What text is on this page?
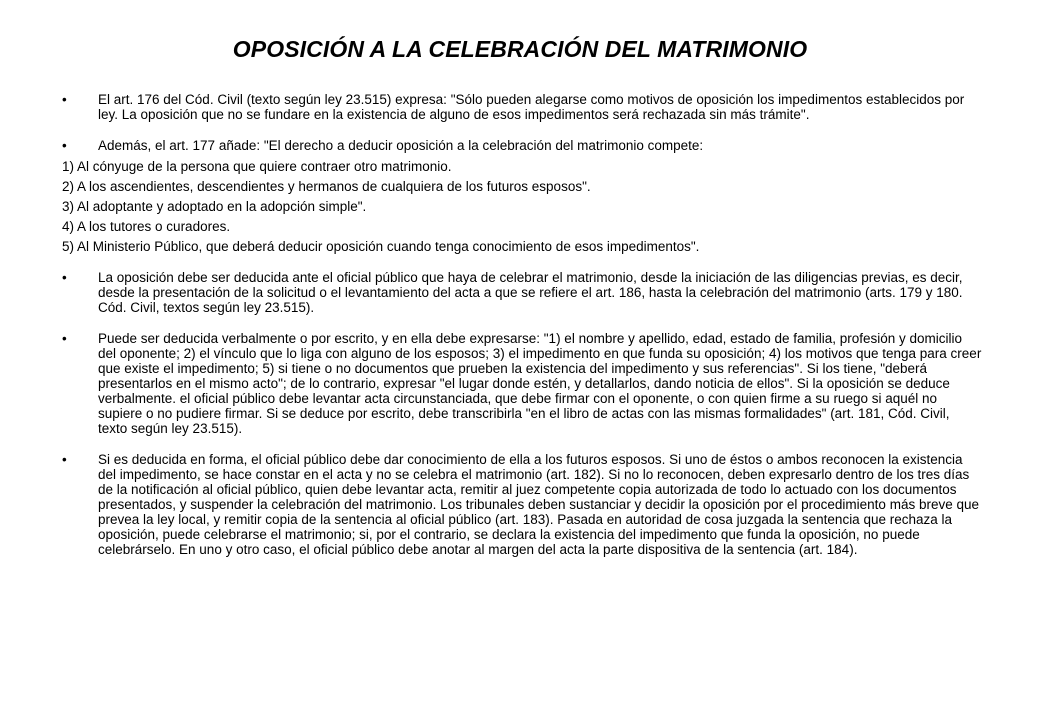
OPOSICIÓN A LA CELEBRACIÓN DEL MATRIMONIO

• El art. 176 del Cód. Civil (texto según ley 23.515) expresa: "Sólo pueden alegarse como motivos de oposición los impedimentos establecidos por ley. La oposición que no se fundare en la existencia de alguno de esos impedimentos será rechazada sin más trámite".

• Además, el art. 177 añade: "El derecho a deducir oposición a la celebración del matrimonio compete:

1) Al cónyuge de la persona que quiere contraer otro matrimonio.

2) A los ascendientes, descendientes y hermanos de cualquiera de los futuros esposos".

3) Al adoptante y adoptado en la adopción simple".

4) A los tutores o curadores.

5) Al Ministerio Público, que deberá deducir oposición cuando tenga conocimiento de esos impedimentos".

• La oposición debe ser deducida ante el oficial público que haya de celebrar el matrimonio, desde la iniciación de las diligencias previas, es decir, desde la presentación de la solicitud o el levantamiento del acta a que se refiere el art. 186, hasta la celebración del matrimonio (arts. 179 y 180. Cód. Civil, textos según ley 23.515).

• Puede ser deducida verbalmente o por escrito, y en ella debe expresarse: "1) el nombre y apellido, edad, estado de familia, profesión y domicilio del oponente; 2) el vínculo que lo liga con alguno de los esposos; 3) el impedimento en que funda su oposición; 4) los motivos que tenga para creer que existe el impedimento; 5) si tiene o no documentos que prueben la existencia del impedimento y sus referencias". Si los tiene, "deberá presentarlos en el mismo acto"; de lo contrario, expresar "el lugar donde estén, y detallarlos, dando noticia de ellos". Si la oposición se deduce verbalmente. el oficial público debe levantar acta circunstanciada, que debe firmar con el oponente, o con quien firme a su ruego si aquél no supiere o no pudiere firmar. Si se deduce por escrito, debe transcribirla "en el libro de actas con las mismas formalidades" (art. 181, Cód. Civil, texto según ley 23.515).

• Si es deducida en forma, el oficial público debe dar conocimiento de ella a los futuros esposos. Si uno de éstos o ambos reconocen la existencia del impedimento, se hace constar en el acta y no se celebra el matrimonio (art. 182). Si no lo reconocen, deben expresarlo dentro de los tres días de la notificación al oficial público, quien debe levantar acta, remitir al juez competente copia autorizada de todo lo actuado con los documentos presentados, y suspender la celebración del matrimonio. Los tribunales deben sustanciar y decidir la oposición por el procedimiento más breve que prevea la ley local, y remitir copia de la sentencia al oficial público (art. 183). Pasada en autoridad de cosa juzgada la sentencia que rechaza la oposición, puede celebrarse el matrimonio; si, por el contrario, se declara la existencia del impedimento que funda la oposición, no puede celebrárselo. En uno y otro caso, el oficial público debe anotar al margen del acta la parte dispositiva de la sentencia (art. 184).
